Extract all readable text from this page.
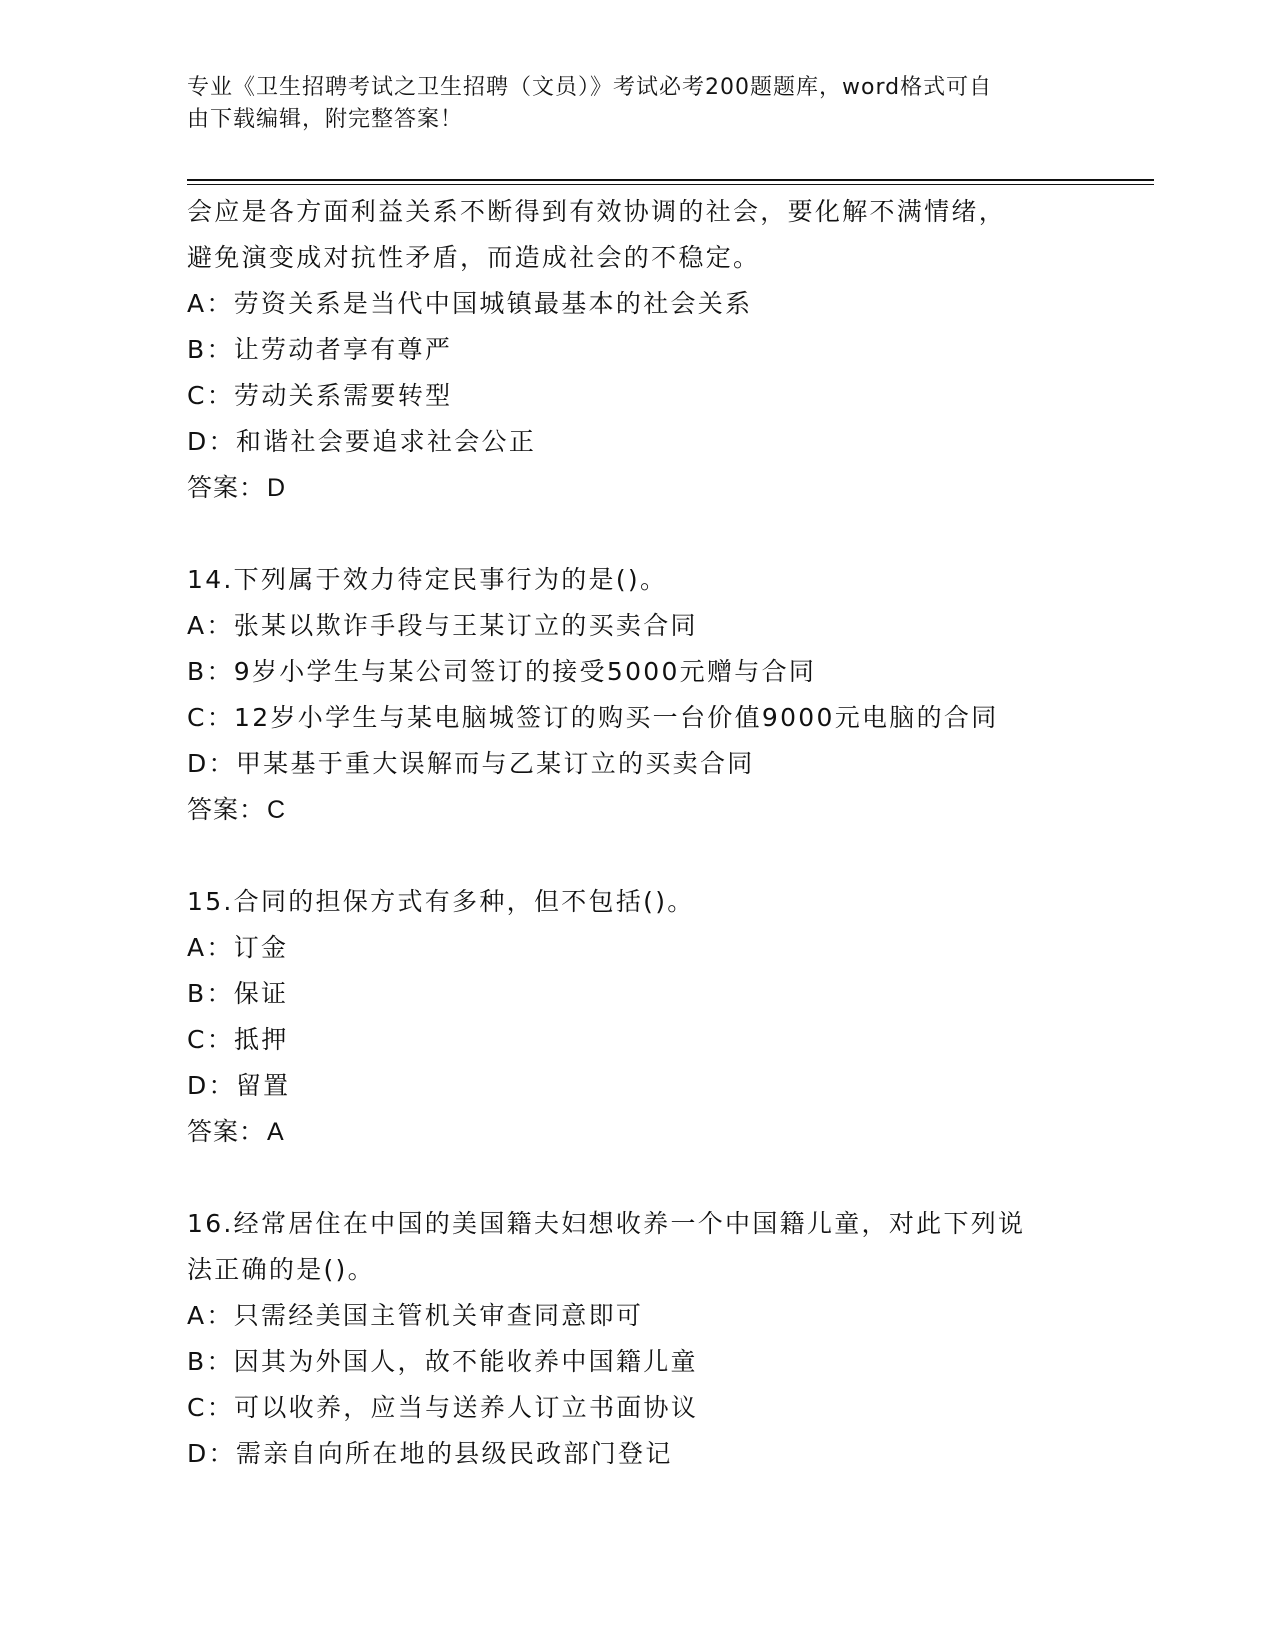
专业《卫生招聘考试之卫生招聘（文员）》考试必考200题题库，word格式可自
由下载编辑，附完整答案！
会应是各方面利益关系不断得到有效协调的社会，要化解不满情绪，
避免演变成对抗性矛盾，而造成社会的不稳定。
A：劳资关系是当代中国城镇最基本的社会关系
B：让劳动者享有尊严
C：劳动关系需要转型
D：和谐社会要追求社会公正
答案：D
14.下列属于效力待定民事行为的是()。
A：张某以欺诈手段与王某订立的买卖合同
B：9岁小学生与某公司签订的接受5000元赠与合同
C：12岁小学生与某电脑城签订的购买一台价值9000元电脑的合同
D：甲某基于重大误解而与乙某订立的买卖合同
答案：C
15.合同的担保方式有多种，但不包括()。
A：订金
B：保证
C：抵押
D：留置
答案：A
16.经常居住在中国的美国籍夫妇想收养一个中国籍儿童，对此下列说
法正确的是()。
A：只需经美国主管机关审查同意即可
B：因其为外国人，故不能收养中国籍儿童
C：可以收养，应当与送养人订立书面协议
D：需亲自向所在地的县级民政部门登记
